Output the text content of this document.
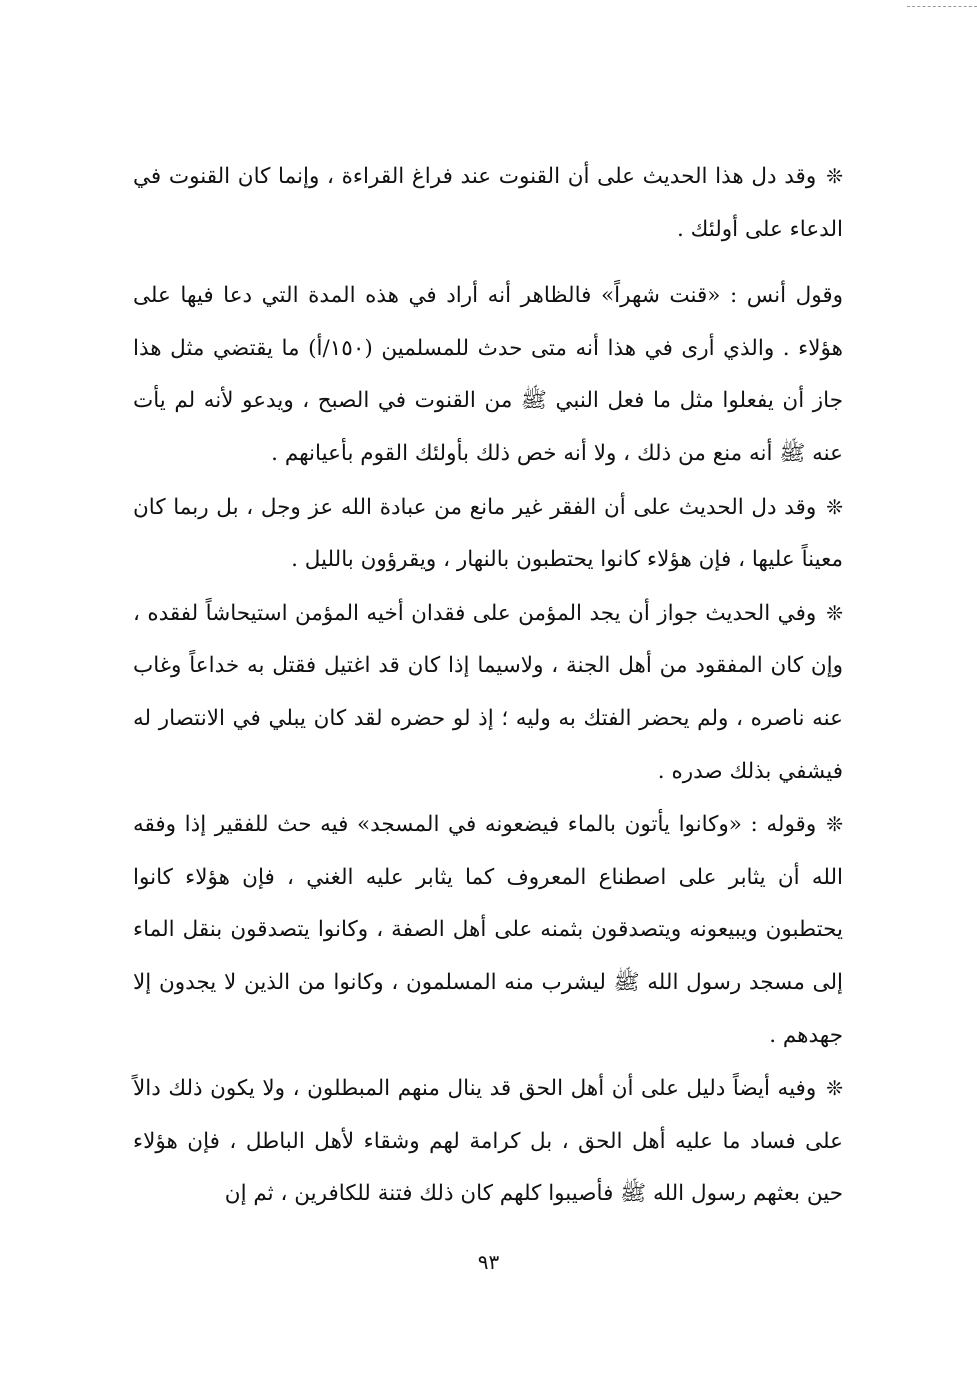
❊وقد دل هذا الحديث على أن القنوت عند فراغ القراءة ، وإنما كان القنوت في الدعاء على أولئك .

وقول أنس : «قنت شهراً» فالظاهر أنه أراد في هذه المدة التي دعا فيها على هؤلاء . والذي أرى في هذا أنه متى حدث للمسلمين (١٥٠/أ) ما يقتضي مثل هذا جاز أن يفعلوا مثل ما فعل النبي ﷺ من القنوت في الصبح ، ويدعو لأنه لم يأت عنه ﷺ أنه منع من ذلك ، ولا أنه خص ذلك بأولئك القوم بأعيانهم .

❊وقد دل الحديث على أن الفقر غير مانع من عبادة الله عز وجل ، بل ربما كان معيناً عليها ، فإن هؤلاء كانوا يحتطبون بالنهار ، ويقرؤون بالليل .

❊وفي الحديث جواز أن يجد المؤمن على فقدان أخيه المؤمن استيحاشاً لفقده ، وإن كان المفقود من أهل الجنة ، ولاسيما إذا كان قد اغتيل فقتل به خداعاً وغاب عنه ناصره ، ولم يحضر الفتك به وليه ؛ إذ لو حضره لقد كان يبلي في الانتصار له فيشفي بذلك صدره .

❊وقوله : «وكانوا يأتون بالماء فيضعونه في المسجد» فيه حث للفقير إذا وفقه الله أن يثابر على اصطناع المعروف كما يثابر عليه الغني ، فإن هؤلاء كانوا يحتطبون ويبيعونه ويتصدقون بثمنه على أهل الصفة ، وكانوا يتصدقون بنقل الماء إلى مسجد رسول الله ﷺ ليشرب منه المسلمون ، وكانوا من الذين لا يجدون إلا جهدهم .

❊وفيه أيضاً دليل على أن أهل الحق قد ينال منهم المبطلون ، ولا يكون ذلك دالاً على فساد ما عليه أهل الحق ، بل كرامة لهم وشقاء لأهل الباطل ، فإن هؤلاء حين بعثهم رسول الله ﷺ فأصيبوا كلهم كان ذلك فتنة للكافرين ، ثم إن

٩٣
